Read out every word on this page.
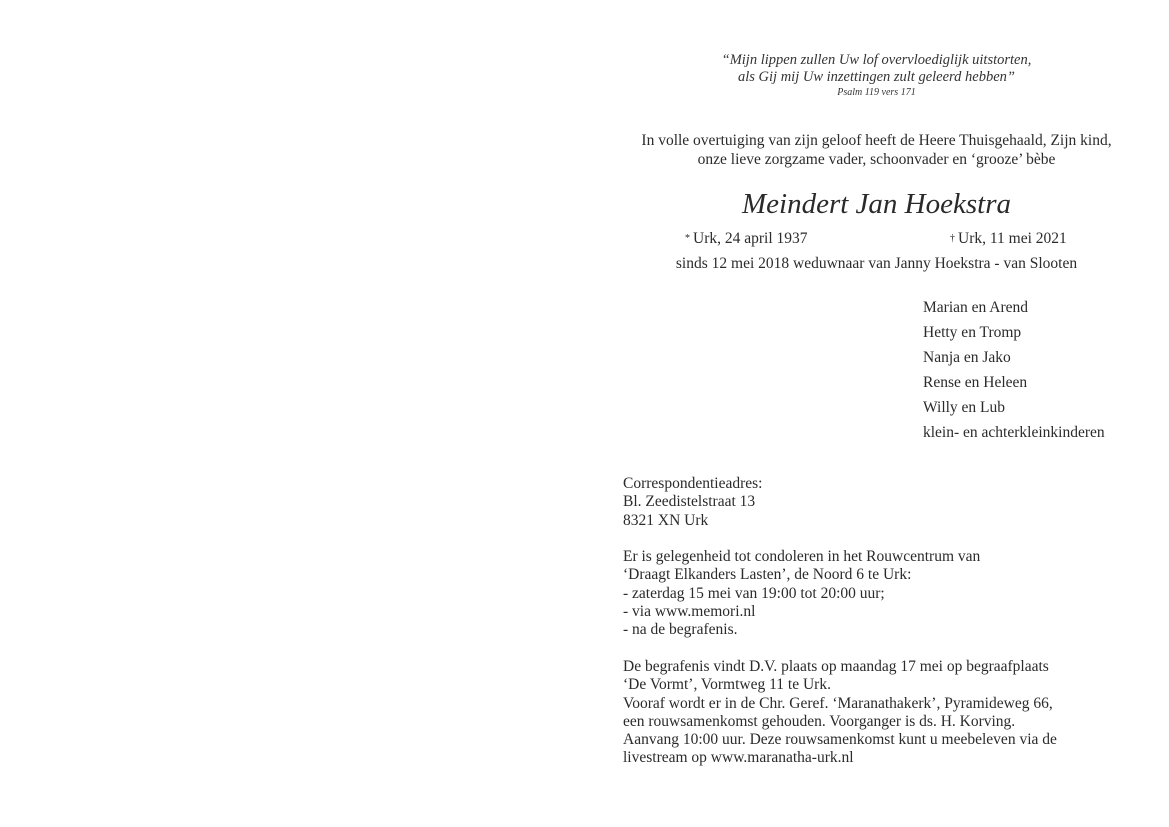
“Mijn lippen zullen Uw lof overvloediglijk uitstorten,
als Gij mij Uw inzettingen zult geleerd hebben”
Psalm 119 vers 171
In volle overtuiging van zijn geloof heeft de Heere Thuisgehaald, Zijn kind,
onze lieve zorgzame vader, schoonvader en ‘grooze’ bèbe
Meindert Jan Hoekstra
* Urk, 24 april 1937	† Urk, 11 mei 2021
sinds 12 mei 2018 weduwnaar van Janny Hoekstra - van Slooten
Marian en Arend
Hetty en Tromp
Nanja en Jako
Rense en Heleen
Willy en Lub
klein- en achterkleinkinderen
Correspondentieadres:
Bl. Zeedistelstraat 13
8321 XN Urk
Er is gelegenheid tot condoleren in het Rouwcentrum van
‘Draagt Elkanders Lasten’, de Noord 6 te Urk:
- zaterdag 15 mei van 19:00 tot 20:00 uur;
- via www.memori.nl
- na de begrafenis.
De begrafenis vindt D.V. plaats op maandag 17 mei op begraafplaats
‘De Vormt’, Vormtweg 11 te Urk.
Vooraf wordt er in de Chr. Geref. ‘Maranathakerk’, Pyramideweg 66,
een rouwsamenkomst gehouden. Voorganger is ds. H. Korving.
Aanvang 10:00 uur. Deze rouwsamenkomst kunt u meebeleven via de
livestream op www.maranatha-urk.nl
